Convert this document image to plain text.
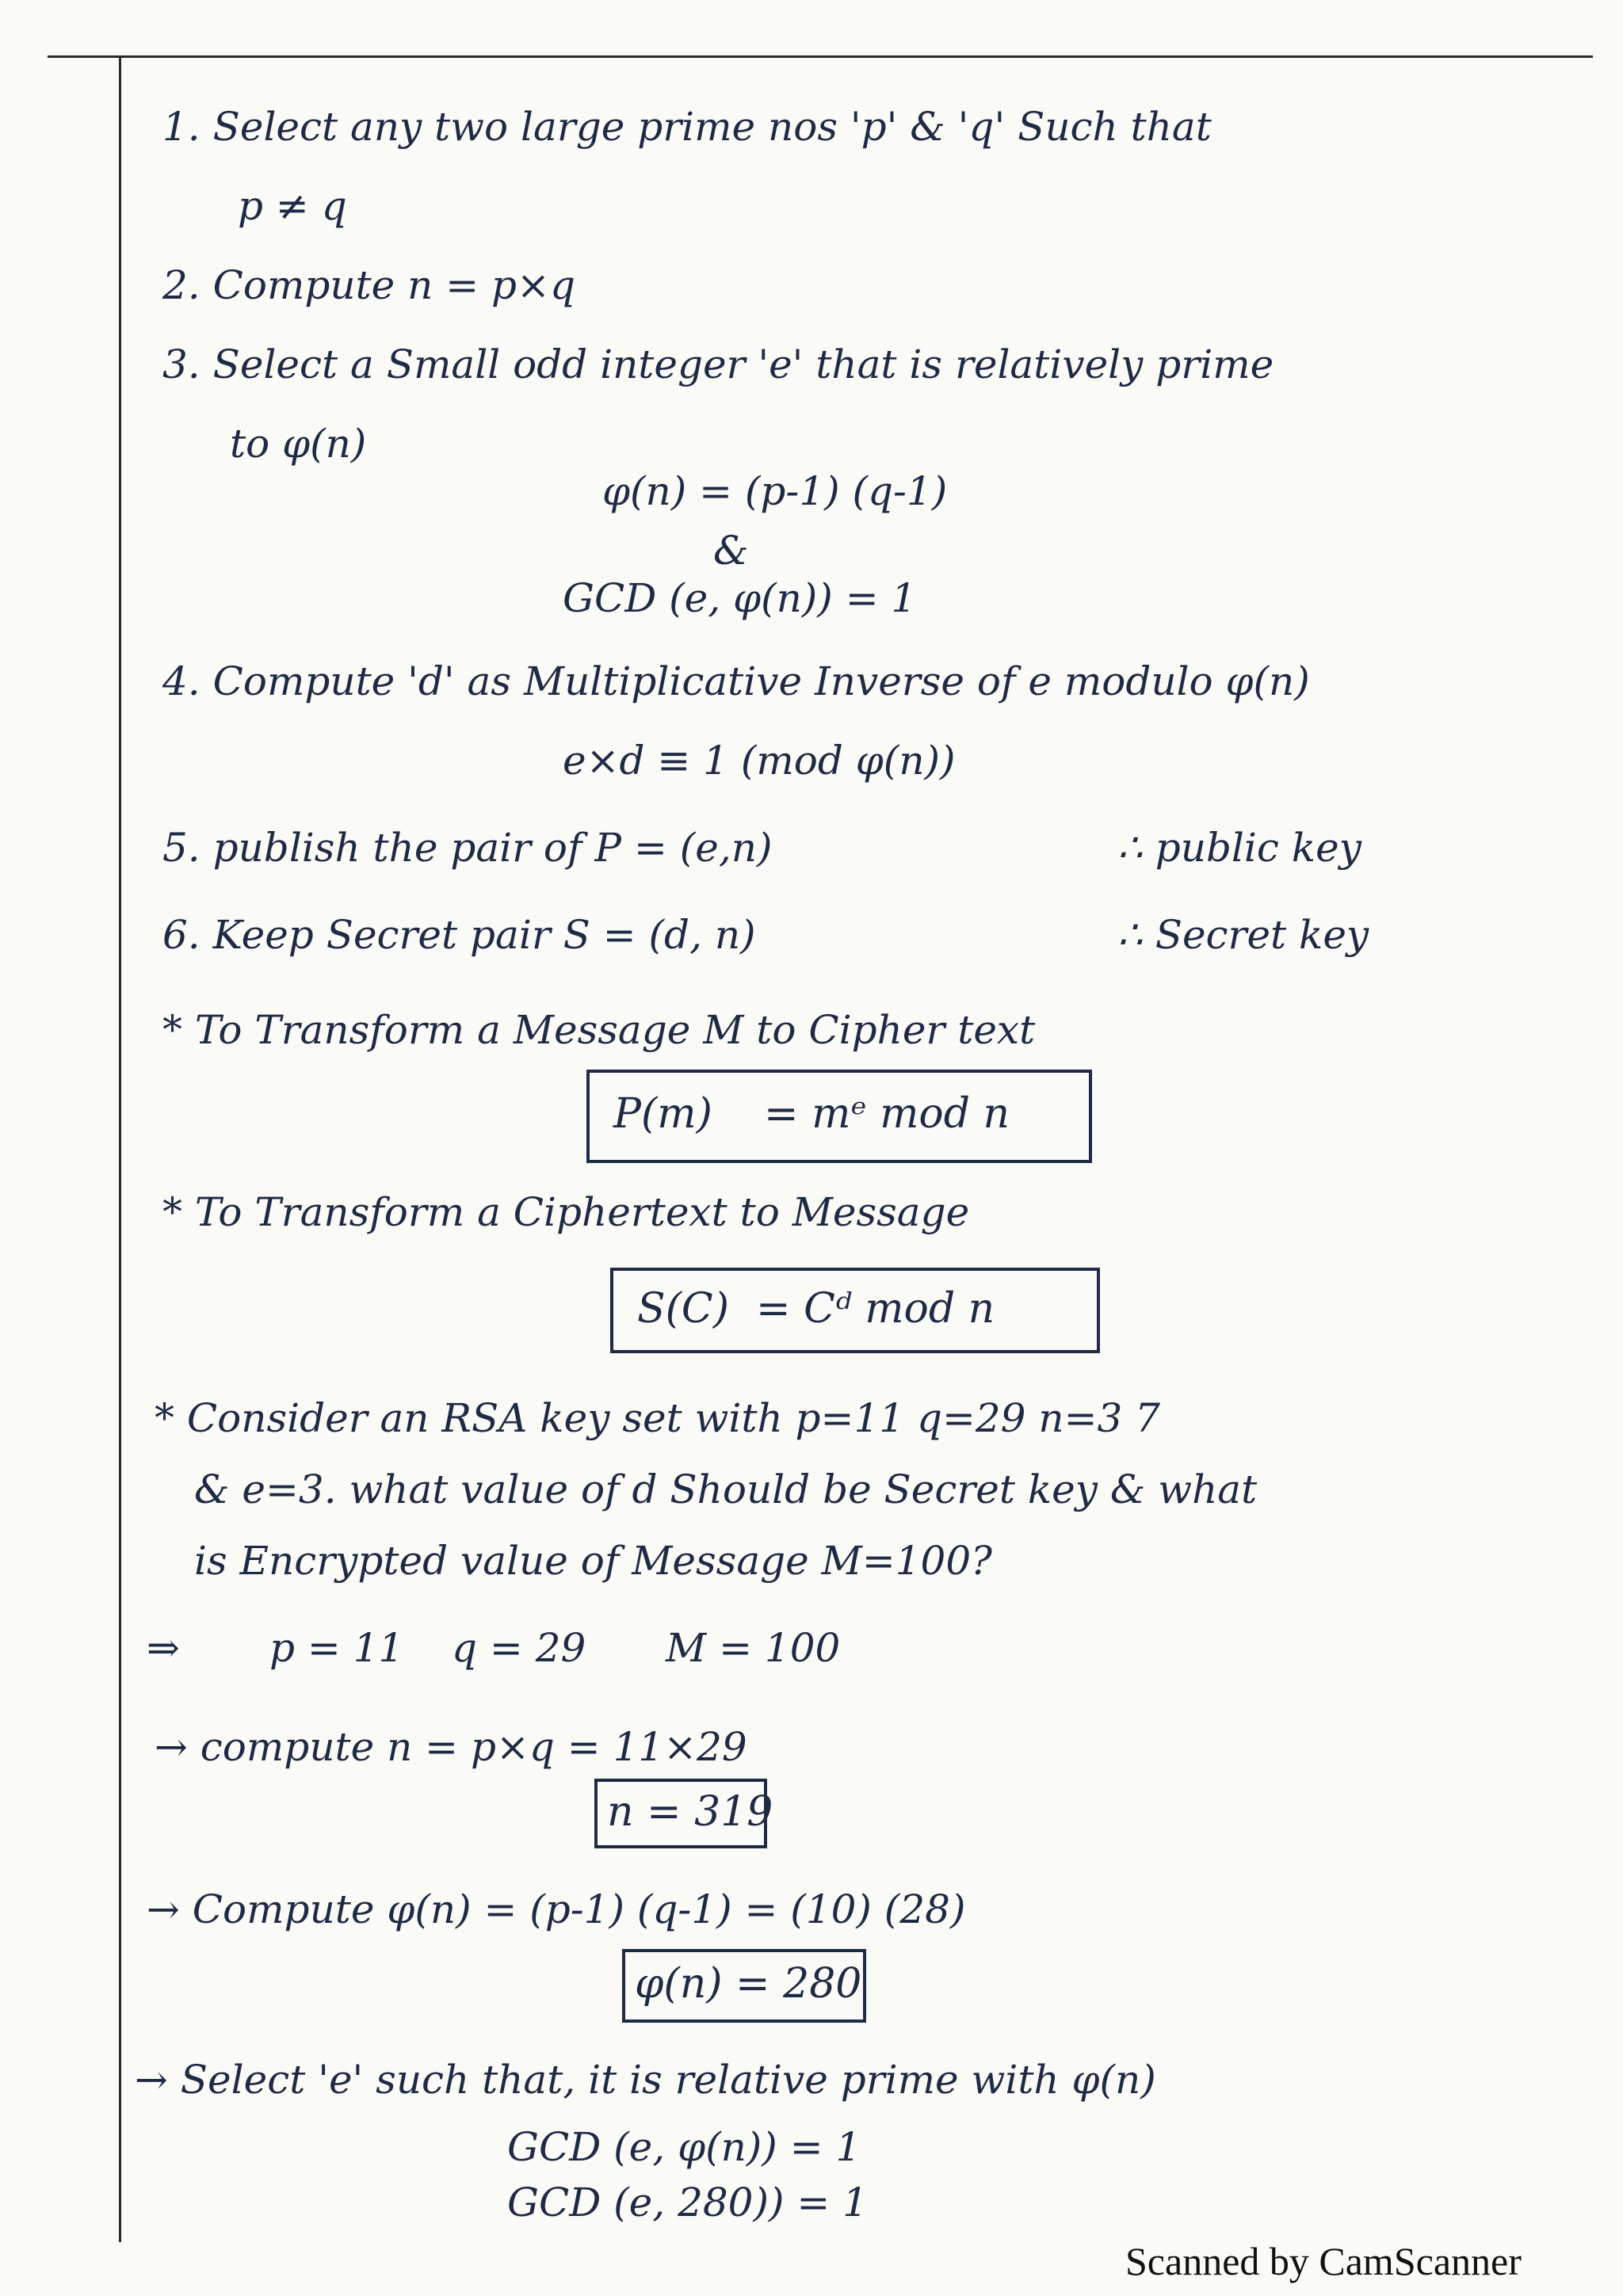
1. Select any two large prime nos 'p' & 'q' Such that
p ≠ q
2. Compute n = p×q
3. Select a Small odd integer 'e' that is relatively prime
to φ(n)
φ(n) = (p-1) (q-1)
&
GCD (e, φ(n)) = 1
4. Compute 'd' as Multiplicative Inverse of e modulo φ(n)
e×d ≡ 1 (mod φ(n))
5. publish the pair of P = (e,n)	∴ public key
6. Keep Secret pair S = (d, n)	∴ Secret key
* To Transform a Message M to Cipher text
P(m) = mᵉ mod n
* To Transform a Ciphertext to Message
S(C) = Cᵈ mod n
* Consider an RSA key set with p=11 q=29 n=3 7
& e=3. what value of d Should be Secret key & what
is Encrypted value of Message M=100?
⇒ p = 11 q = 29 M = 100
→ compute n = p×q = 11×29
n = 319
→ Compute φ(n) = (p-1) (q-1) = (10) (28)
φ(n) = 280
→ Select 'e' such that, it is relative prime with φ(n)
GCD (e, φ(n)) = 1
GCD (e, 280)) = 1
Scanned by CamScanner
